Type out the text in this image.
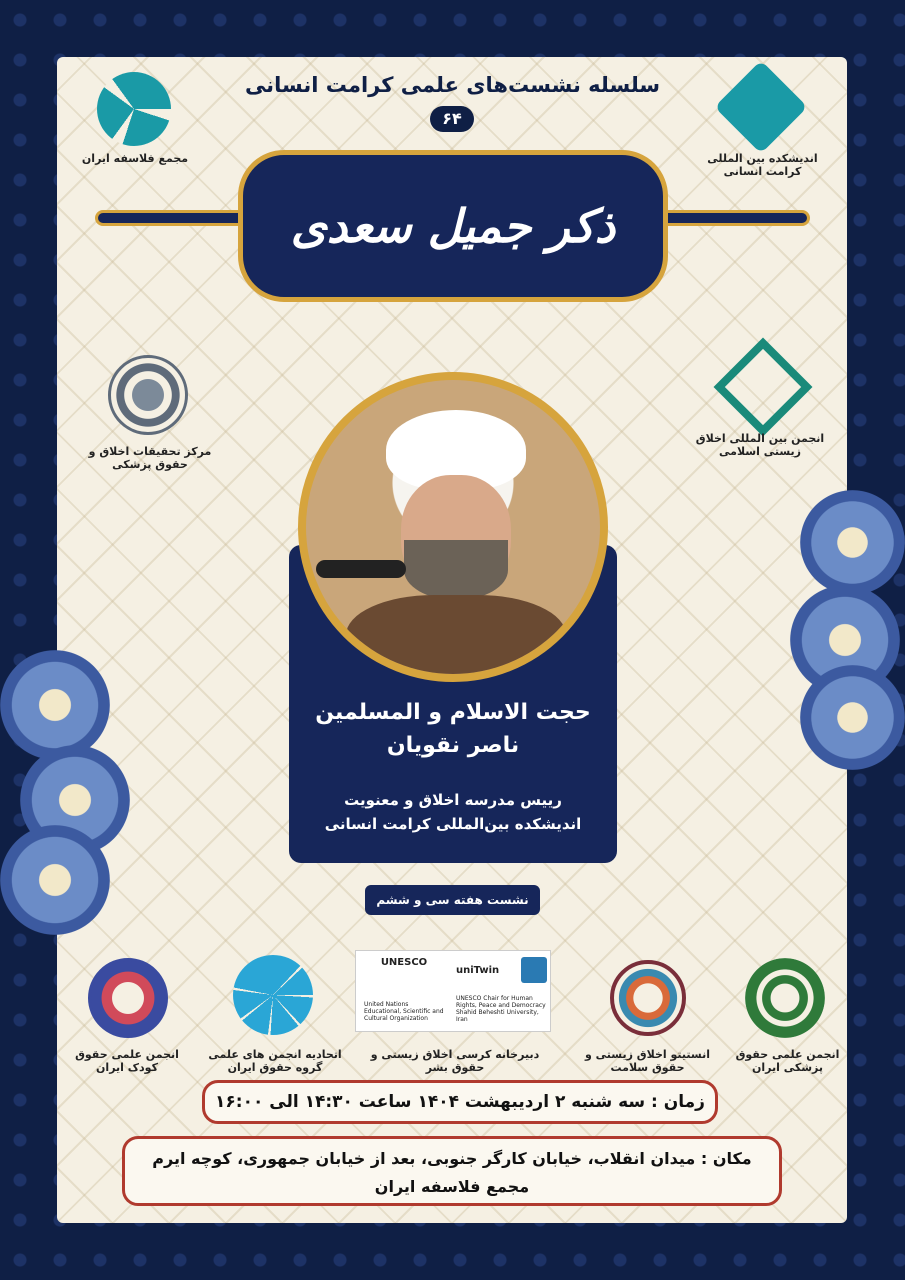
سلسله نشست‌های علمی کرامت انسانی
۶۴
مجمع فلاسفه ایران	اندیشکده بین المللی کرامت انسانی
ذکر جمیل سعدی
مرکز تحقیقات اخلاق و حقوق پزشکی
انجمن بین المللی اخلاق زیستی اسلامی
حجت الاسلام و المسلمین
ناصر نقویان
رییس مدرسه اخلاق و معنویت
اندیشکده بین‌المللی کرامت انسانی
نشست هفته سی و ششم
انجمن علمی حقوق کودک ایران
اتحادیه انجمن های علمی گروه حقوق ایران
UNESCO
United Nations Educational, Scientific and Cultural Organization
uniTwin
UNESCO Chair for Human Rights, Peace and Democracy Shahid Beheshti University, Iran
دبیرخانه کرسی اخلاق زیستی و حقوق بشر
انستیتو اخلاق زیستی و حقوق سلامت
انجمن علمی حقوق پزشکی ایران
زمان : سه شنبه ۲ اردیبهشت ۱۴۰۴ ساعت ۱۴:۳۰ الی ۱۶:۰۰
مکان : میدان انقلاب، خیابان کارگر جنوبی، بعد از خیابان جمهوری، کوچه ایرم
مجمع فلاسفه ایران
